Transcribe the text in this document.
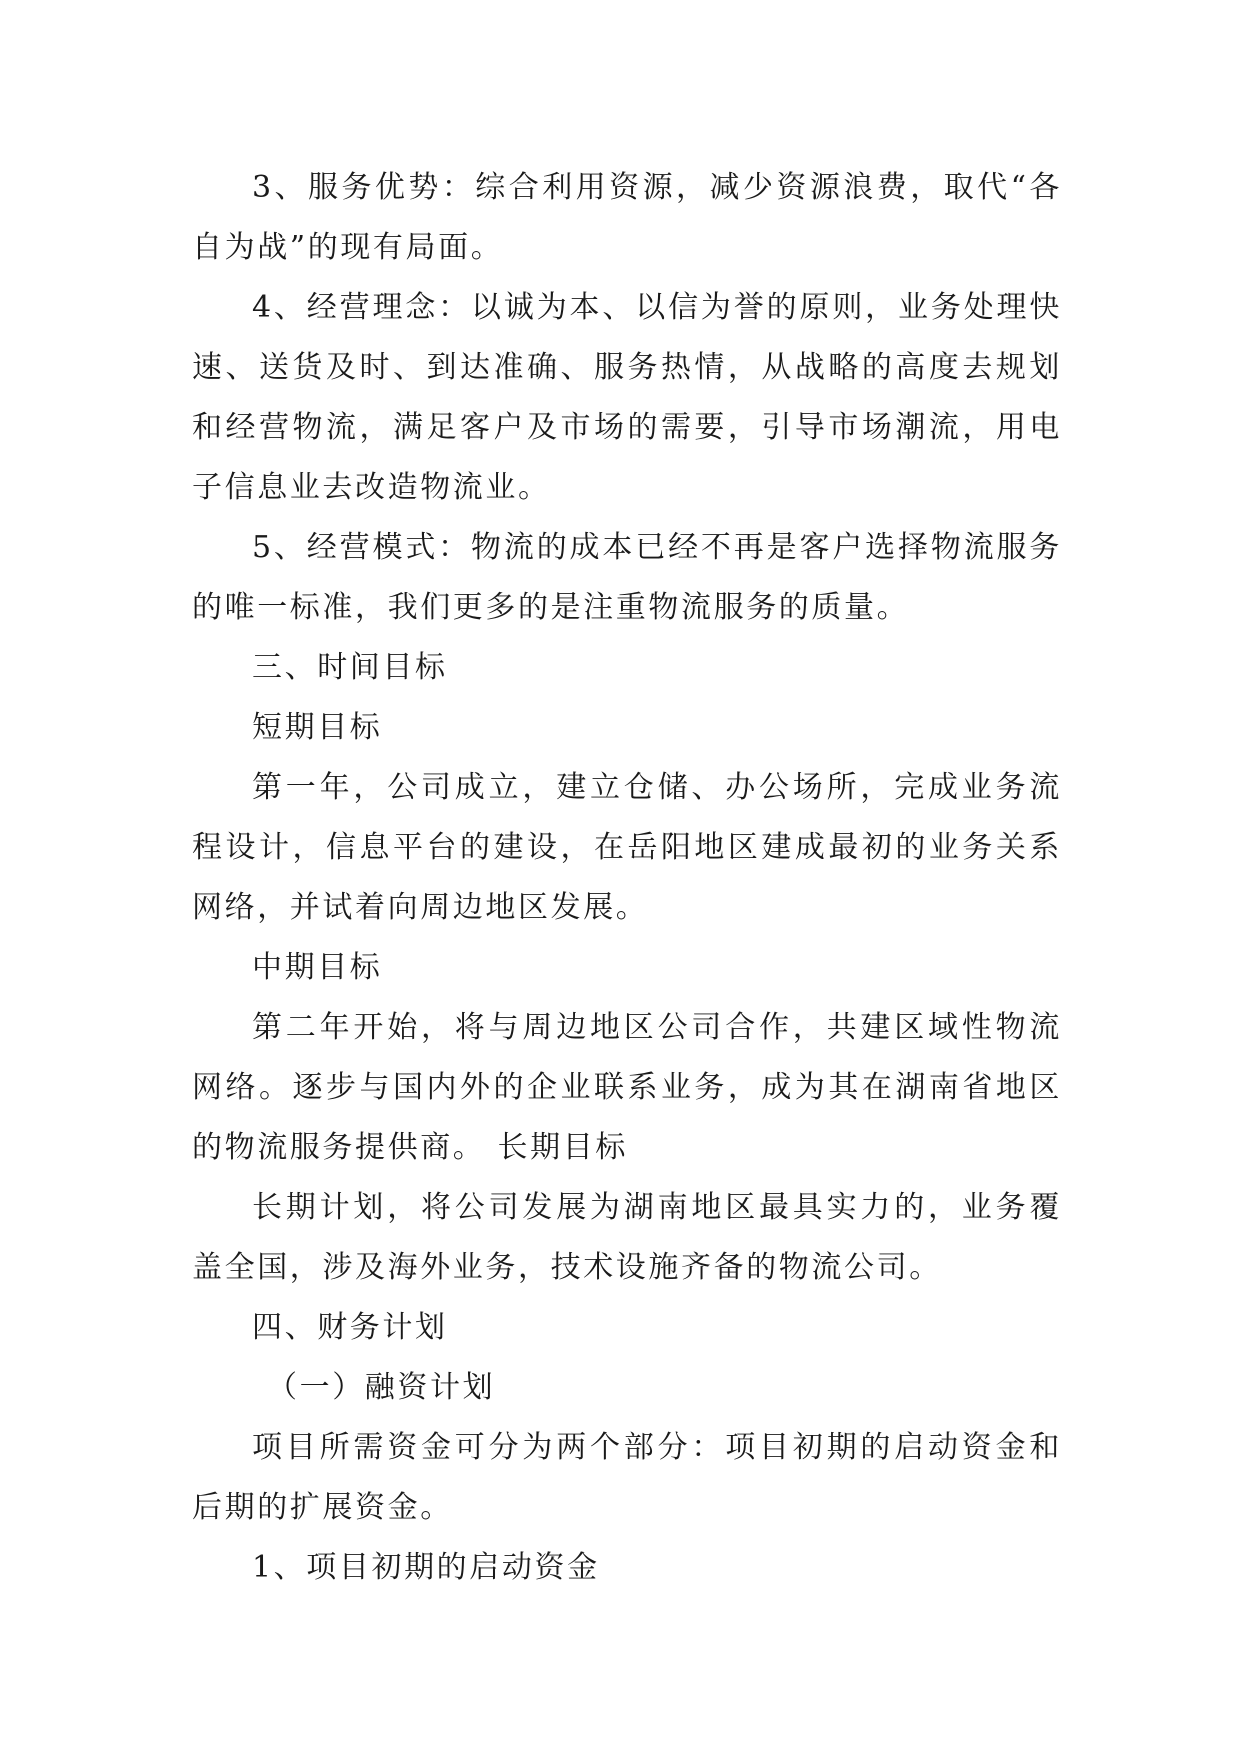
3、服务优势：综合利用资源，减少资源浪费，取代“各自为战”的现有局面。

4、经营理念：以诚为本、以信为誉的原则，业务处理快速、送货及时、到达准确、服务热情，从战略的高度去规划和经营物流，满足客户及市场的需要，引导市场潮流，用电子信息业去改造物流业。

5、经营模式：物流的成本已经不再是客户选择物流服务的唯一标准，我们更多的是注重物流服务的质量。

三、时间目标

短期目标

第一年，公司成立，建立仓储、办公场所，完成业务流程设计，信息平台的建设，在岳阳地区建成最初的业务关系网络，并试着向周边地区发展。

中期目标

第二年开始，将与周边地区公司合作，共建区域性物流网络。逐步与国内外的企业联系业务，成为其在湖南省地区的物流服务提供商。 长期目标

长期计划，将公司发展为湖南地区最具实力的，业务覆盖全国，涉及海外业务，技术设施齐备的物流公司。

四、财务计划

（一）融资计划

项目所需资金可分为两个部分：项目初期的启动资金和后期的扩展资金。

1、项目初期的启动资金
